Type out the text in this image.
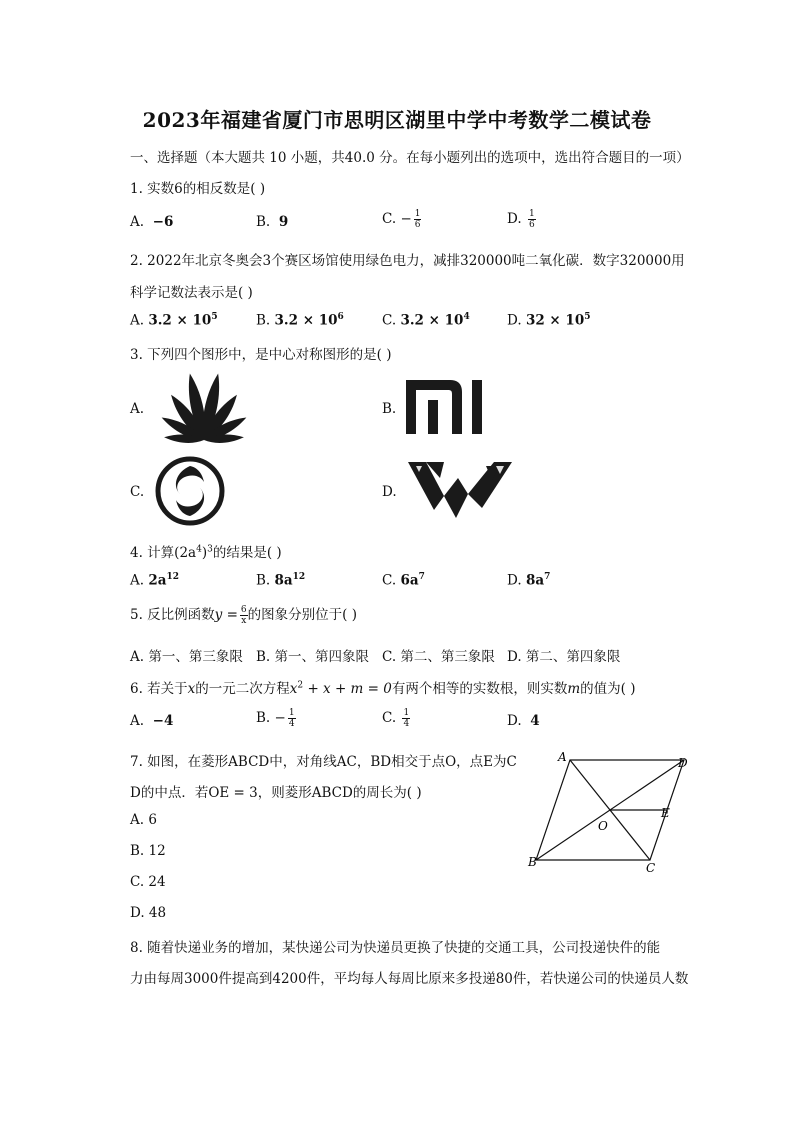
2023年福建省厦门市思明区湖里中学中考数学二模试卷
一、选择题（本大题共 10 小题，共40.0 分。在每小题列出的选项中，选出符合题目的一项）
1. 实数6的相反数是( )
A. −6	B. 9	C. − $\frac{1}{6}$	D. $\frac{1}{6}$
2. 2022年北京冬奥会3个赛区场馆使用绿色电力，减排320000吨二氧化碳．数字320000用
科学记数法表示是( )
A. $3.2 \times 10^5$	B. $3.2 \times 10^6$	C. $3.2 \times 10^4$	D. $32 \times 10^5$
3. 下列四个图形中，是中心对称图形的是( )
A.	B.
C.	D.
4. 计算$(2a^4)^3$的结果是( )
A. $2a^{12}$	B. $8a^{12}$	C. $6a^7$	D. $8a^7$
5. 反比例函数$y = \frac{6}{x}$ 的图象分别位于( )
A. 第一、第三象限 B. 第一、第四象限 C. 第二、第三象限 D. 第二、第四象限
6. 若关于x的一元二次方程$x^2 + x + m = 0$有两个相等的实数根，则实数m的值为( )
A. −4	B. − $\frac{1}{4}$	C. $\frac{1}{4}$	D. 4
7. 如图，在菱形ABCD中，对角线AC，BD相交于点O，点E为C
D的中点．若OE = 3，则菱形ABCD的周长为( )
A. 6
B. 12
C. 24
D. 48
A	D
E
O
B	C
8. 随着快递业务的增加，某快递公司为快递员更换了快捷的交通工具，公司投递快件的能
力由每周3000件提高到4200件，平均每人每周比原来多投递80件，若快递公司的快递员人数
